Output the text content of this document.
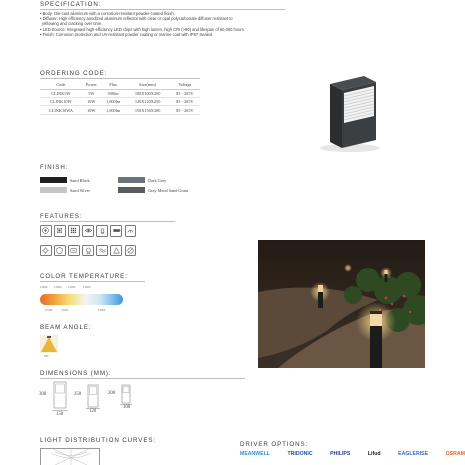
SPECIFICATION:
• Body: Die-cast aluminum with a corrosion-resistant powder-coated finish.
• Diffuser: High efficiency anodized aluminum reflector with clear or opal polycarbonate diffuser resistant to
yellowing and cracking over time.
• LED Source: Integrated high-efficiency LED chips with high lumen, high CRI (>90) and lifespan of 50,000 hours.
• Finish: Corrosion protection and UV-resistant powder coating or marine coat with IP67 Sealed.
ORDERING CODE:
Code	Power	Flux	Size(mm)	Voltage
CLINK5W	5W	500lm	100X100X200	85 - 265V
CLINK10W	10W	1,000lm	120X120X250	85 - 265V
CLINK10WA	10W	1,000lm	150X150X300	85 - 265V
FINISH:
Sand Black	Dark Grey
Sand Silver	Gray Metal Sand Grain
FEATURES:

COLOR TEMPERATURE:
2,000K	3,000K	4,000K	5,000K
2,700K	3,500K	6,000K
BEAM ANGLE:
180°
DIMENSIONS (MM):
300
150
250
120
200
100
LIGHT DISTRIBUTION CURVES:
DRIVER OPTIONS:
MEANWELL	TRIDONIC	PHILIPS	Lifud	EAGLERISE	OSRAM
